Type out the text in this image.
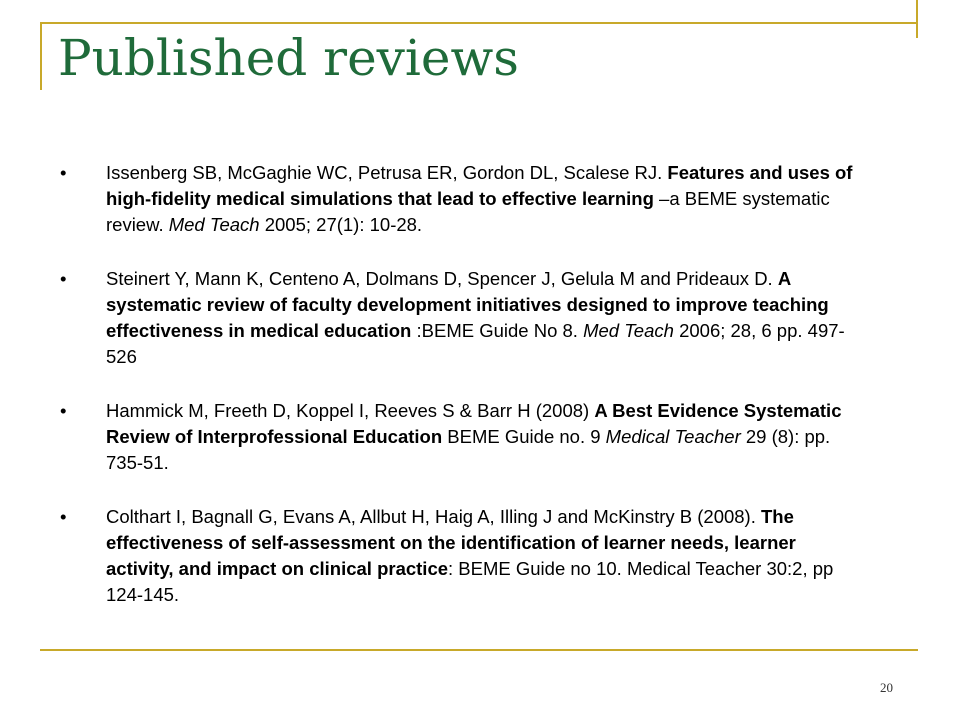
Published reviews
• Issenberg SB, McGaghie WC, Petrusa ER, Gordon DL, Scalese RJ. Features and uses of high-fidelity medical simulations that lead to effective learning –a BEME systematic review. Med Teach 2005; 27(1): 10-28.
• Steinert Y, Mann K, Centeno A, Dolmans D, Spencer J, Gelula M and Prideaux D. A systematic review of faculty development initiatives designed to improve teaching effectiveness in medical education :BEME Guide No 8. Med Teach 2006; 28, 6 pp. 497-526
• Hammick M, Freeth D, Koppel I, Reeves S & Barr H (2008) A Best Evidence Systematic Review of Interprofessional Education BEME Guide no. 9 Medical Teacher 29 (8): pp. 735-51.
• Colthart I, Bagnall G, Evans A, Allbut H, Haig A, Illing J and McKinstry B (2008). The effectiveness of self-assessment on the identification of learner needs, learner activity, and impact on clinical practice: BEME Guide no 10. Medical Teacher 30:2, pp 124-145.
20
